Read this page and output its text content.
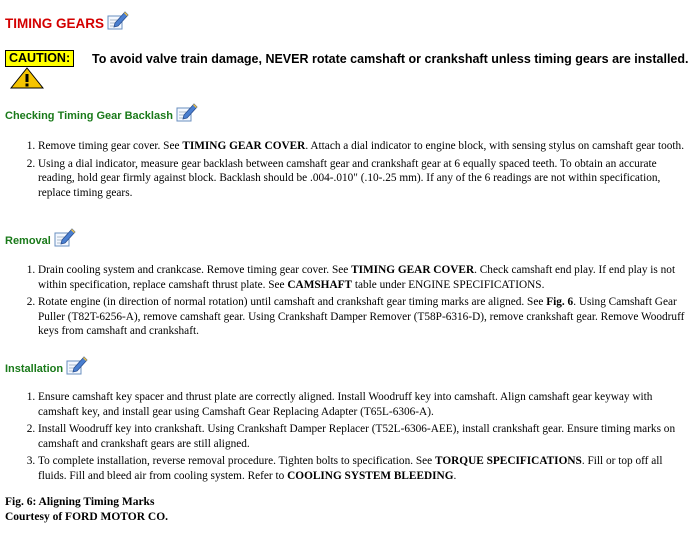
TIMING GEARS
CAUTION:	To avoid valve train damage, NEVER rotate camshaft or crankshaft unless timing gears are installed.
Checking Timing Gear Backlash
1. Remove timing gear cover. See TIMING GEAR COVER. Attach a dial indicator to engine block, with sensing stylus on camshaft gear tooth.
2. Using a dial indicator, measure gear backlash between camshaft gear and crankshaft gear at 6 equally spaced teeth. To obtain an accurate reading, hold gear firmly against block. Backlash should be .004-.010" (.10-.25 mm). If any of the 6 readings are not within specification, replace timing gears.
Removal
1. Drain cooling system and crankcase. Remove timing gear cover. See TIMING GEAR COVER. Check camshaft end play. If end play is not within specification, replace camshaft thrust plate. See CAMSHAFT table under ENGINE SPECIFICATIONS.
2. Rotate engine (in direction of normal rotation) until camshaft and crankshaft gear timing marks are aligned. See Fig. 6. Using Camshaft Gear Puller (T82T-6256-A), remove camshaft gear. Using Crankshaft Damper Remover (T58P-6316-D), remove crankshaft gear. Remove Woodruff keys from camshaft and crankshaft.
Installation
1. Ensure camshaft key spacer and thrust plate are correctly aligned. Install Woodruff key into camshaft. Align camshaft gear keyway with camshaft key, and install gear using Camshaft Gear Replacing Adapter (T65L-6306-A).
2. Install Woodruff key into crankshaft. Using Crankshaft Damper Replacer (T52L-6306-AEE), install crankshaft gear. Ensure timing marks on camshaft and crankshaft gears are still aligned.
3. To complete installation, reverse removal procedure. Tighten bolts to specification. See TORQUE SPECIFICATIONS. Fill or top off all fluids. Fill and bleed air from cooling system. Refer to COOLING SYSTEM BLEEDING.
Fig. 6: Aligning Timing Marks
Courtesy of FORD MOTOR CO.
